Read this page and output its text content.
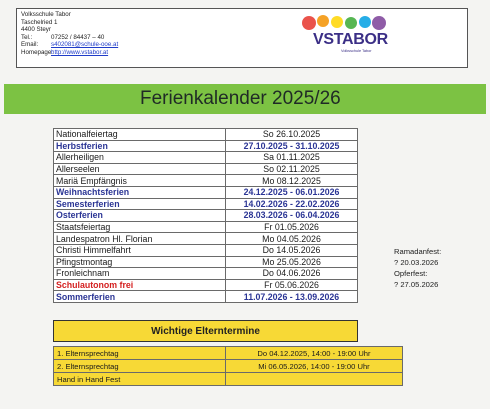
Volksschule Tabor
Taschelried 1
4400 Steyr
Tel.:	07252 / 84437 – 40
Email: s402081@schule-ooe.at
Homepage:http://www.vstabor.at
VSTABOR
Volksschule Tabor
Ferienkalender 2025/26
Nationalfeiertag	So 26.10.2025
Herbstferien	27.10.2025 - 31.10.2025
Allerheiligen	Sa 01.11.2025
Allerseelen	So 02.11.2025
Mariä Empfängnis	Mo 08.12.2025
Weihnachtsferien	24.12.2025 - 06.01.2026
Semesterferien	14.02.2026 - 22.02.2026
Osterferien	28.03.2026 - 06.04.2026
Staatsfeiertag	Fr 01.05.2026
Landespatron Hl. Florian	Mo 04.05.2026
Christi Himmelfahrt	Do 14.05.2026
Pfingstmontag	Mo 25.05.2026
Fronleichnam	Do 04.06.2026
Schulautonom frei	Fr 05.06.2026
Sommerferien	11.07.2026 - 13.09.2026
Ramadanfest:
? 20.03.2026
Opferfest:
? 27.05.2026
Wichtige Elterntermine
1. Elternsprechtag	Do 04.12.2025, 14:00 - 19:00 Uhr
2. Elternsprechtag	Mi 06.05.2026, 14:00 - 19:00 Uhr
Hand in Hand Fest	
